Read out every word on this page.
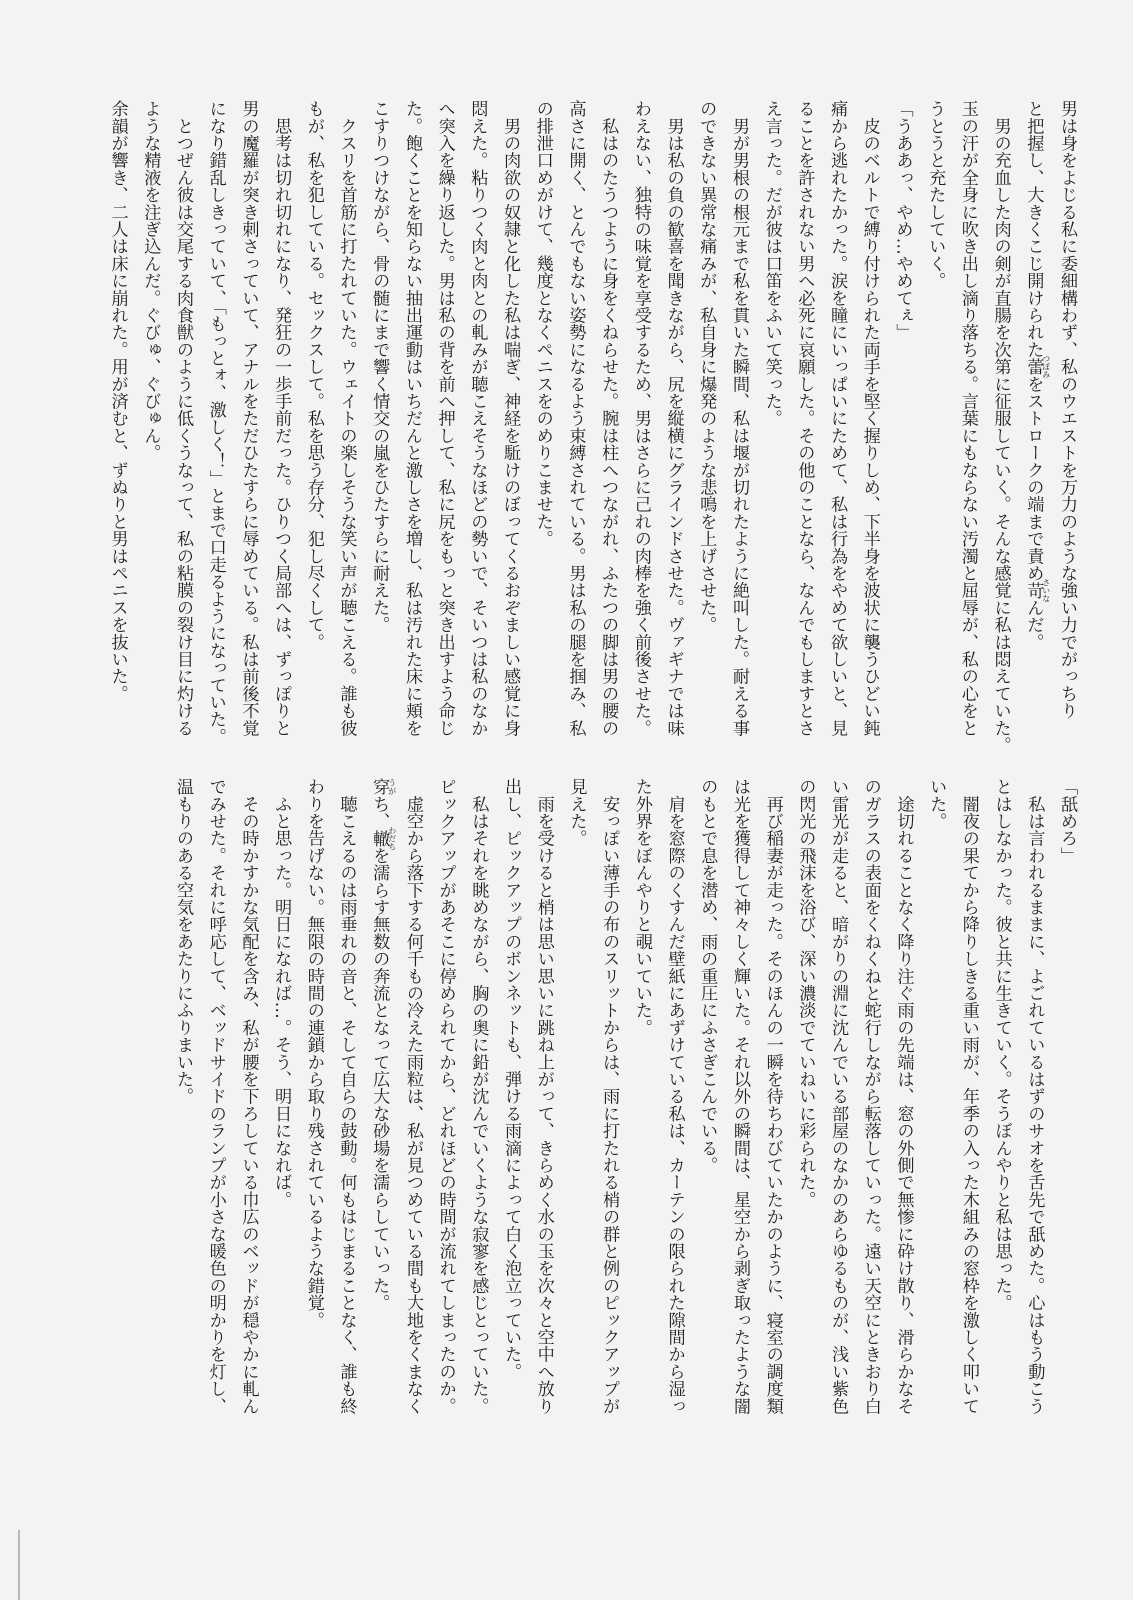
男は身をよじる私に委細構わず、私のウエストを万力のような強い力でがっちり
と把握し、大きくこじ開けられた蕾つぼみをストロークの端まで責め苛さいなんだ。
　男の充血した肉の剣が直腸を次第に征服していく。そんな感覚に私は悶えていた。
玉の汗が全身に吹き出し滴り落ちる。言葉にもならない汚濁と屈辱が、私の心をと
うとうと充たしていく。
「うああっ、やめ…やめてぇ」
　皮のベルトで縛り付けられた両手を堅く握りしめ、下半身を波状に襲うひどい鈍
痛から逃れたかった。涙を瞳にいっぱいにためて、私は行為をやめて欲しいと、見
ることを許されない男へ必死に哀願した。その他のことなら、なんでもしますとさ
え言った。だが彼は口笛をふいて笑った。
　男が男根の根元まで私を貫いた瞬間、私は堰が切れたように絶叫した。耐える事
のできない異常な痛みが、私自身に爆発のような悲鳴を上げさせた。
　男は私の負の歓喜を聞きながら、尻を縦横にグラインドさせた。ヴァギナでは味
わえない、独特の味覚を享受するため、男はさらに己れの肉棒を強く前後させた。
　私はのたうつように身をくねらせた。腕は柱へつながれ、ふたつの脚は男の腰の
高さに開く、とんでもない姿勢になるよう束縛されている。男は私の腿を掴み、私
の排泄口めがけて、幾度となくペニスをのめりこませた。
　男の肉欲の奴隷と化した私は喘ぎ、神経を駈けのぼってくるおぞましい感覚に身
悶えた。粘りつく肉と肉との軋みが聴こえそうなほどの勢いで、そいつは私のなか
へ突入を繰り返した。男は私の背を前へ押して、私に尻をもっと突き出すよう命じ
た。飽くことを知らない抽出運動はいちだんと激しさを増し、私は汚れた床に頬を
こすりつけながら、骨の髄にまで響く情交の嵐をひたすらに耐えた。
　クスリを首筋に打たれていた。ウェイトの楽しそうな笑い声が聴こえる。誰も彼
もが、私を犯している。セックスして。私を思う存分、犯し尽くして。
　思考は切れ切れになり、発狂の一歩手前だった。ひりつく局部へは、ずっぽりと
男の魔羅が突き刺さっていて、アナルをただひたすらに辱めている。私は前後不覚
になり錯乱しきっていて、「もっとォ、激しく！」とまで口走るようになっていた。
　とつぜん彼は交尾する肉食獣のように低くうなって、私の粘膜の裂け目に灼ける
ような精液を注ぎ込んだ。ぐびゅ、ぐびゅん。
余韻が響き、二人は床に崩れた。用が済むと、ずぬりと男はペニスを抜いた。
「舐めろ」
　私は言われるままに、よごれているはずのサオを舌先で舐めた。心はもう動こう
とはしなかった。彼と共に生きていく。そうぼんやりと私は思った。
　闇夜の果てから降りしきる重い雨が、年季の入った木組みの窓枠を激しく叩いて
いた。
　途切れることなく降り注ぐ雨の先端は、窓の外側で無惨に砕け散り、滑らかなそ
のガラスの表面をくねくねと蛇行しながら転落していった。遠い天空にときおり白
い雷光が走ると、暗がりの淵に沈んでいる部屋のなかのあらゆるものが、浅い紫色
の閃光の飛沫を浴び、深い濃淡でていねいに彩られた。
　再び稲妻が走った。そのほんの一瞬を待ちわびていたかのように、寝室の調度類
は光を獲得して神々しく輝いた。それ以外の瞬間は、星空から剥ぎ取ったような闇
のもとで息を潜め、雨の重圧にふさぎこんでいる。
　肩を窓際のくすんだ壁紙にあずけている私は、カーテンの限られた隙間から湿っ
た外界をぼんやりと覗いていた。
　安っぽい薄手の布のスリットからは、雨に打たれる梢の群と例のピックアップが
見えた。
　雨を受けると梢は思い思いに跳ね上がって、きらめく水の玉を次々と空中へ放り
出し、ピックアップのボンネットも、弾ける雨滴によって白く泡立っていた。
　私はそれを眺めながら、胸の奥に鉛が沈んでいくような寂寥を感じとっていた。
ピックアップがあそこに停められてから、どれほどの時間が流れてしまったのか。
　虚空から落下する何千もの冷えた雨粒は、私が見つめている間も大地をくまなく
穿うがち、轍わだちを濡らす無数の奔流となって広大な砂場を濡らしていった。
　聴こえるのは雨垂れの音と、そして自らの鼓動。何もはじまることなく、誰も終
わりを告げない。無限の時間の連鎖から取り残されているような錯覚。
　ふと思った。明日になれば…。そう、明日になれば。
　その時かすかな気配を含み、私が腰を下ろしている巾広のベッドが穏やかに軋ん
でみせた。それに呼応して、ベッドサイドのランプが小さな暖色の明かりを灯し、
温もりのある空気をあたりにふりまいた。
